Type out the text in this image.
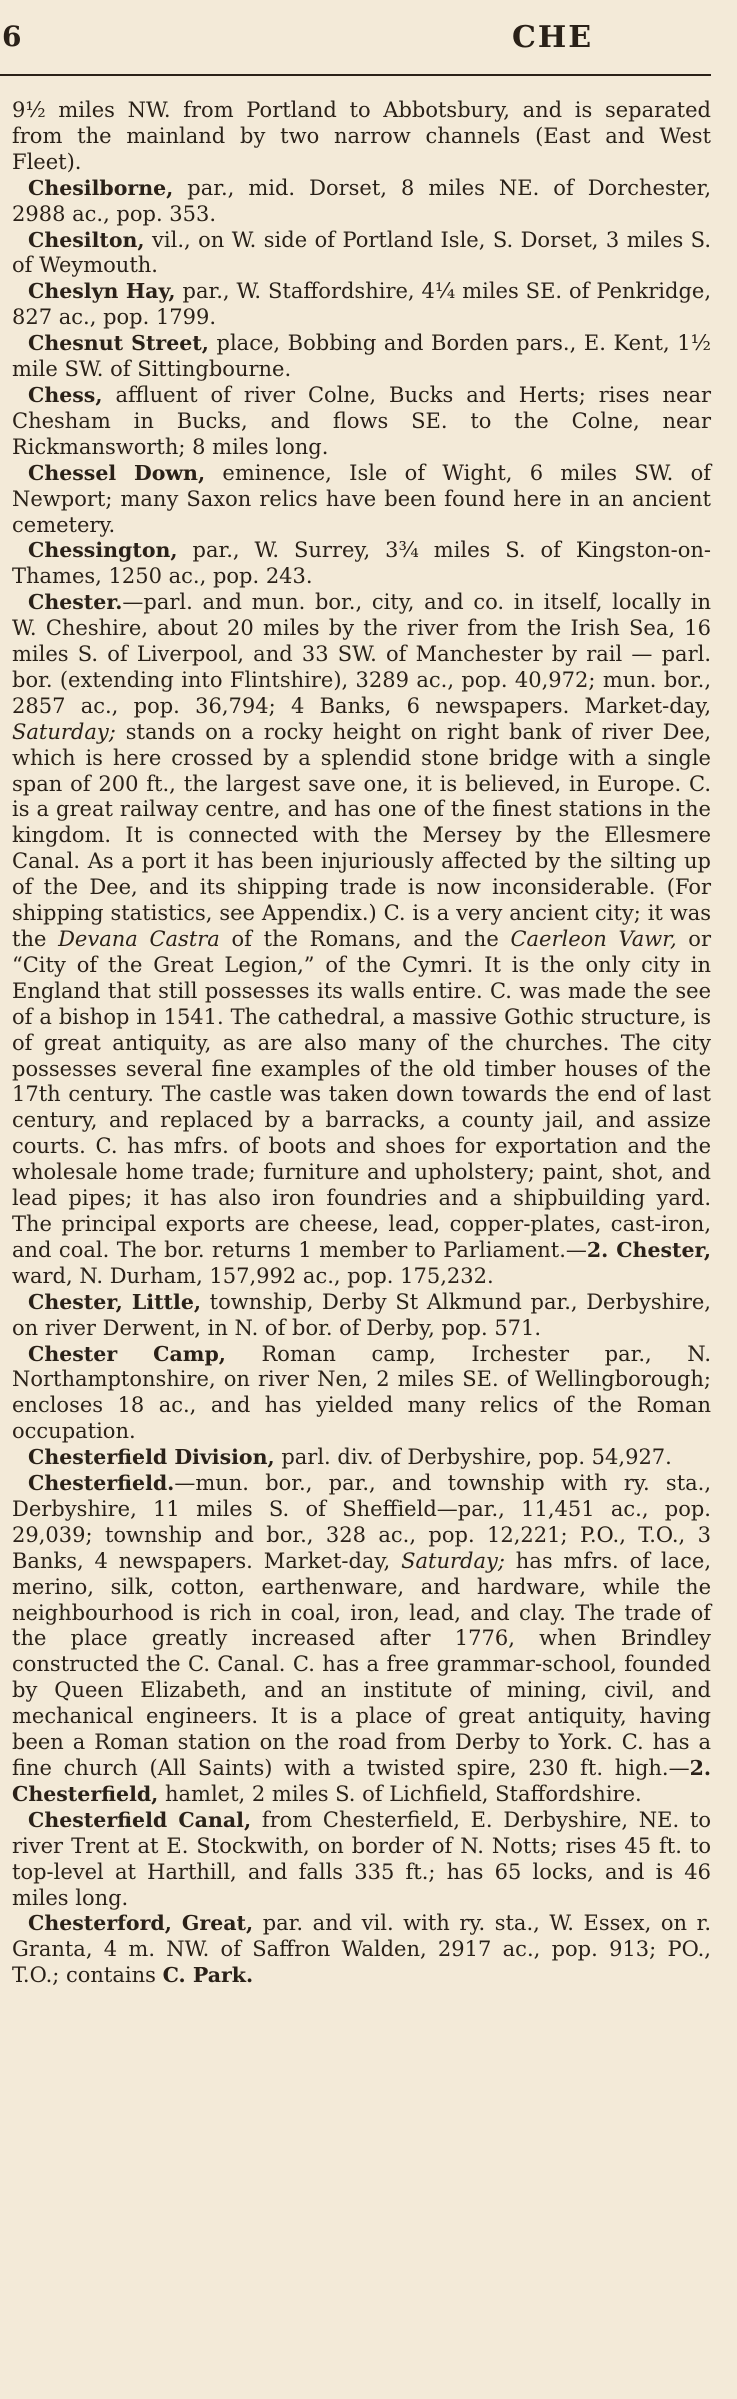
6	CHE

9½ miles NW. from Portland to Abbotsbury, and is separated from the mainland by two narrow channels (East and West Fleet).

Chesilborne, par., mid. Dorset, 8 miles NE. of Dorchester, 2988 ac., pop. 353.

Chesilton, vil., on W. side of Portland Isle, S. Dorset, 3 miles S. of Weymouth.

Cheslyn Hay, par., W. Staffordshire, 4¼ miles SE. of Penkridge, 827 ac., pop. 1799.

Chesnut Street, place, Bobbing and Borden pars., E. Kent, 1½ mile SW. of Sittingbourne.

Chess, affluent of river Colne, Bucks and Herts; rises near Chesham in Bucks, and flows SE. to the Colne, near Rickmansworth; 8 miles long.

Chessel Down, eminence, Isle of Wight, 6 miles SW. of Newport; many Saxon relics have been found here in an ancient cemetery.

Chessington, par., W. Surrey, 3¾ miles S. of Kingston-on-Thames, 1250 ac., pop. 243.

Chester.—parl. and mun. bor., city, and co. in itself, locally in W. Cheshire, about 20 miles by the river from the Irish Sea, 16 miles S. of Liverpool, and 33 SW. of Manchester by rail — parl. bor. (extending into Flintshire), 3289 ac., pop. 40,972; mun. bor., 2857 ac., pop. 36,794; 4 Banks, 6 newspapers. Market-day, Saturday; stands on a rocky height on right bank of river Dee, which is here crossed by a splendid stone bridge with a single span of 200 ft., the largest save one, it is believed, in Europe. C. is a great railway centre, and has one of the finest stations in the kingdom. It is connected with the Mersey by the Ellesmere Canal. As a port it has been injuriously affected by the silting up of the Dee, and its shipping trade is now inconsiderable. (For shipping statistics, see Appendix.) C. is a very ancient city; it was the Devana Castra of the Romans, and the Caerleon Vawr, or “City of the Great Legion,” of the Cymri. It is the only city in England that still possesses its walls entire. C. was made the see of a bishop in 1541. The cathedral, a massive Gothic structure, is of great antiquity, as are also many of the churches. The city possesses several fine examples of the old timber houses of the 17th century. The castle was taken down towards the end of last century, and replaced by a barracks, a county jail, and assize courts. C. has mfrs. of boots and shoes for exportation and the wholesale home trade; furniture and upholstery; paint, shot, and lead pipes; it has also iron foundries and a shipbuilding yard. The principal exports are cheese, lead, copper-plates, cast-iron, and coal. The bor. returns 1 member to Parliament.—2. Chester, ward, N. Durham, 157,992 ac., pop. 175,232.

Chester, Little, township, Derby St Alkmund par., Derbyshire, on river Derwent, in N. of bor. of Derby, pop. 571.

Chester Camp, Roman camp, Irchester par., N. Northamptonshire, on river Nen, 2 miles SE. of Wellingborough; encloses 18 ac., and has yielded many relics of the Roman occupation.

Chesterfield Division, parl. div. of Derbyshire, pop. 54,927.

Chesterfield.—mun. bor., par., and township with ry. sta., Derbyshire, 11 miles S. of Sheffield—par., 11,451 ac., pop. 29,039; township and bor., 328 ac., pop. 12,221; P.O., T.O., 3 Banks, 4 newspapers. Market-day, Saturday; has mfrs. of lace, merino, silk, cotton, earthenware, and hardware, while the neighbourhood is rich in coal, iron, lead, and clay. The trade of the place greatly increased after 1776, when Brindley constructed the C. Canal. C. has a free grammar-school, founded by Queen Elizabeth, and an institute of mining, civil, and mechanical engineers. It is a place of great antiquity, having been a Roman station on the road from Derby to York. C. has a fine church (All Saints) with a twisted spire, 230 ft. high.—2. Chesterfield, hamlet, 2 miles S. of Lichfield, Staffordshire.

Chesterfield Canal, from Chesterfield, E. Derbyshire, NE. to river Trent at E. Stockwith, on border of N. Notts; rises 45 ft. to top-level at Harthill, and falls 335 ft.; has 65 locks, and is 46 miles long.

Chesterford, Great, par. and vil. with ry. sta., W. Essex, on r. Granta, 4 m. NW. of Saffron Walden, 2917 ac., pop. 913; PO., T.O.; contains C. Park.
